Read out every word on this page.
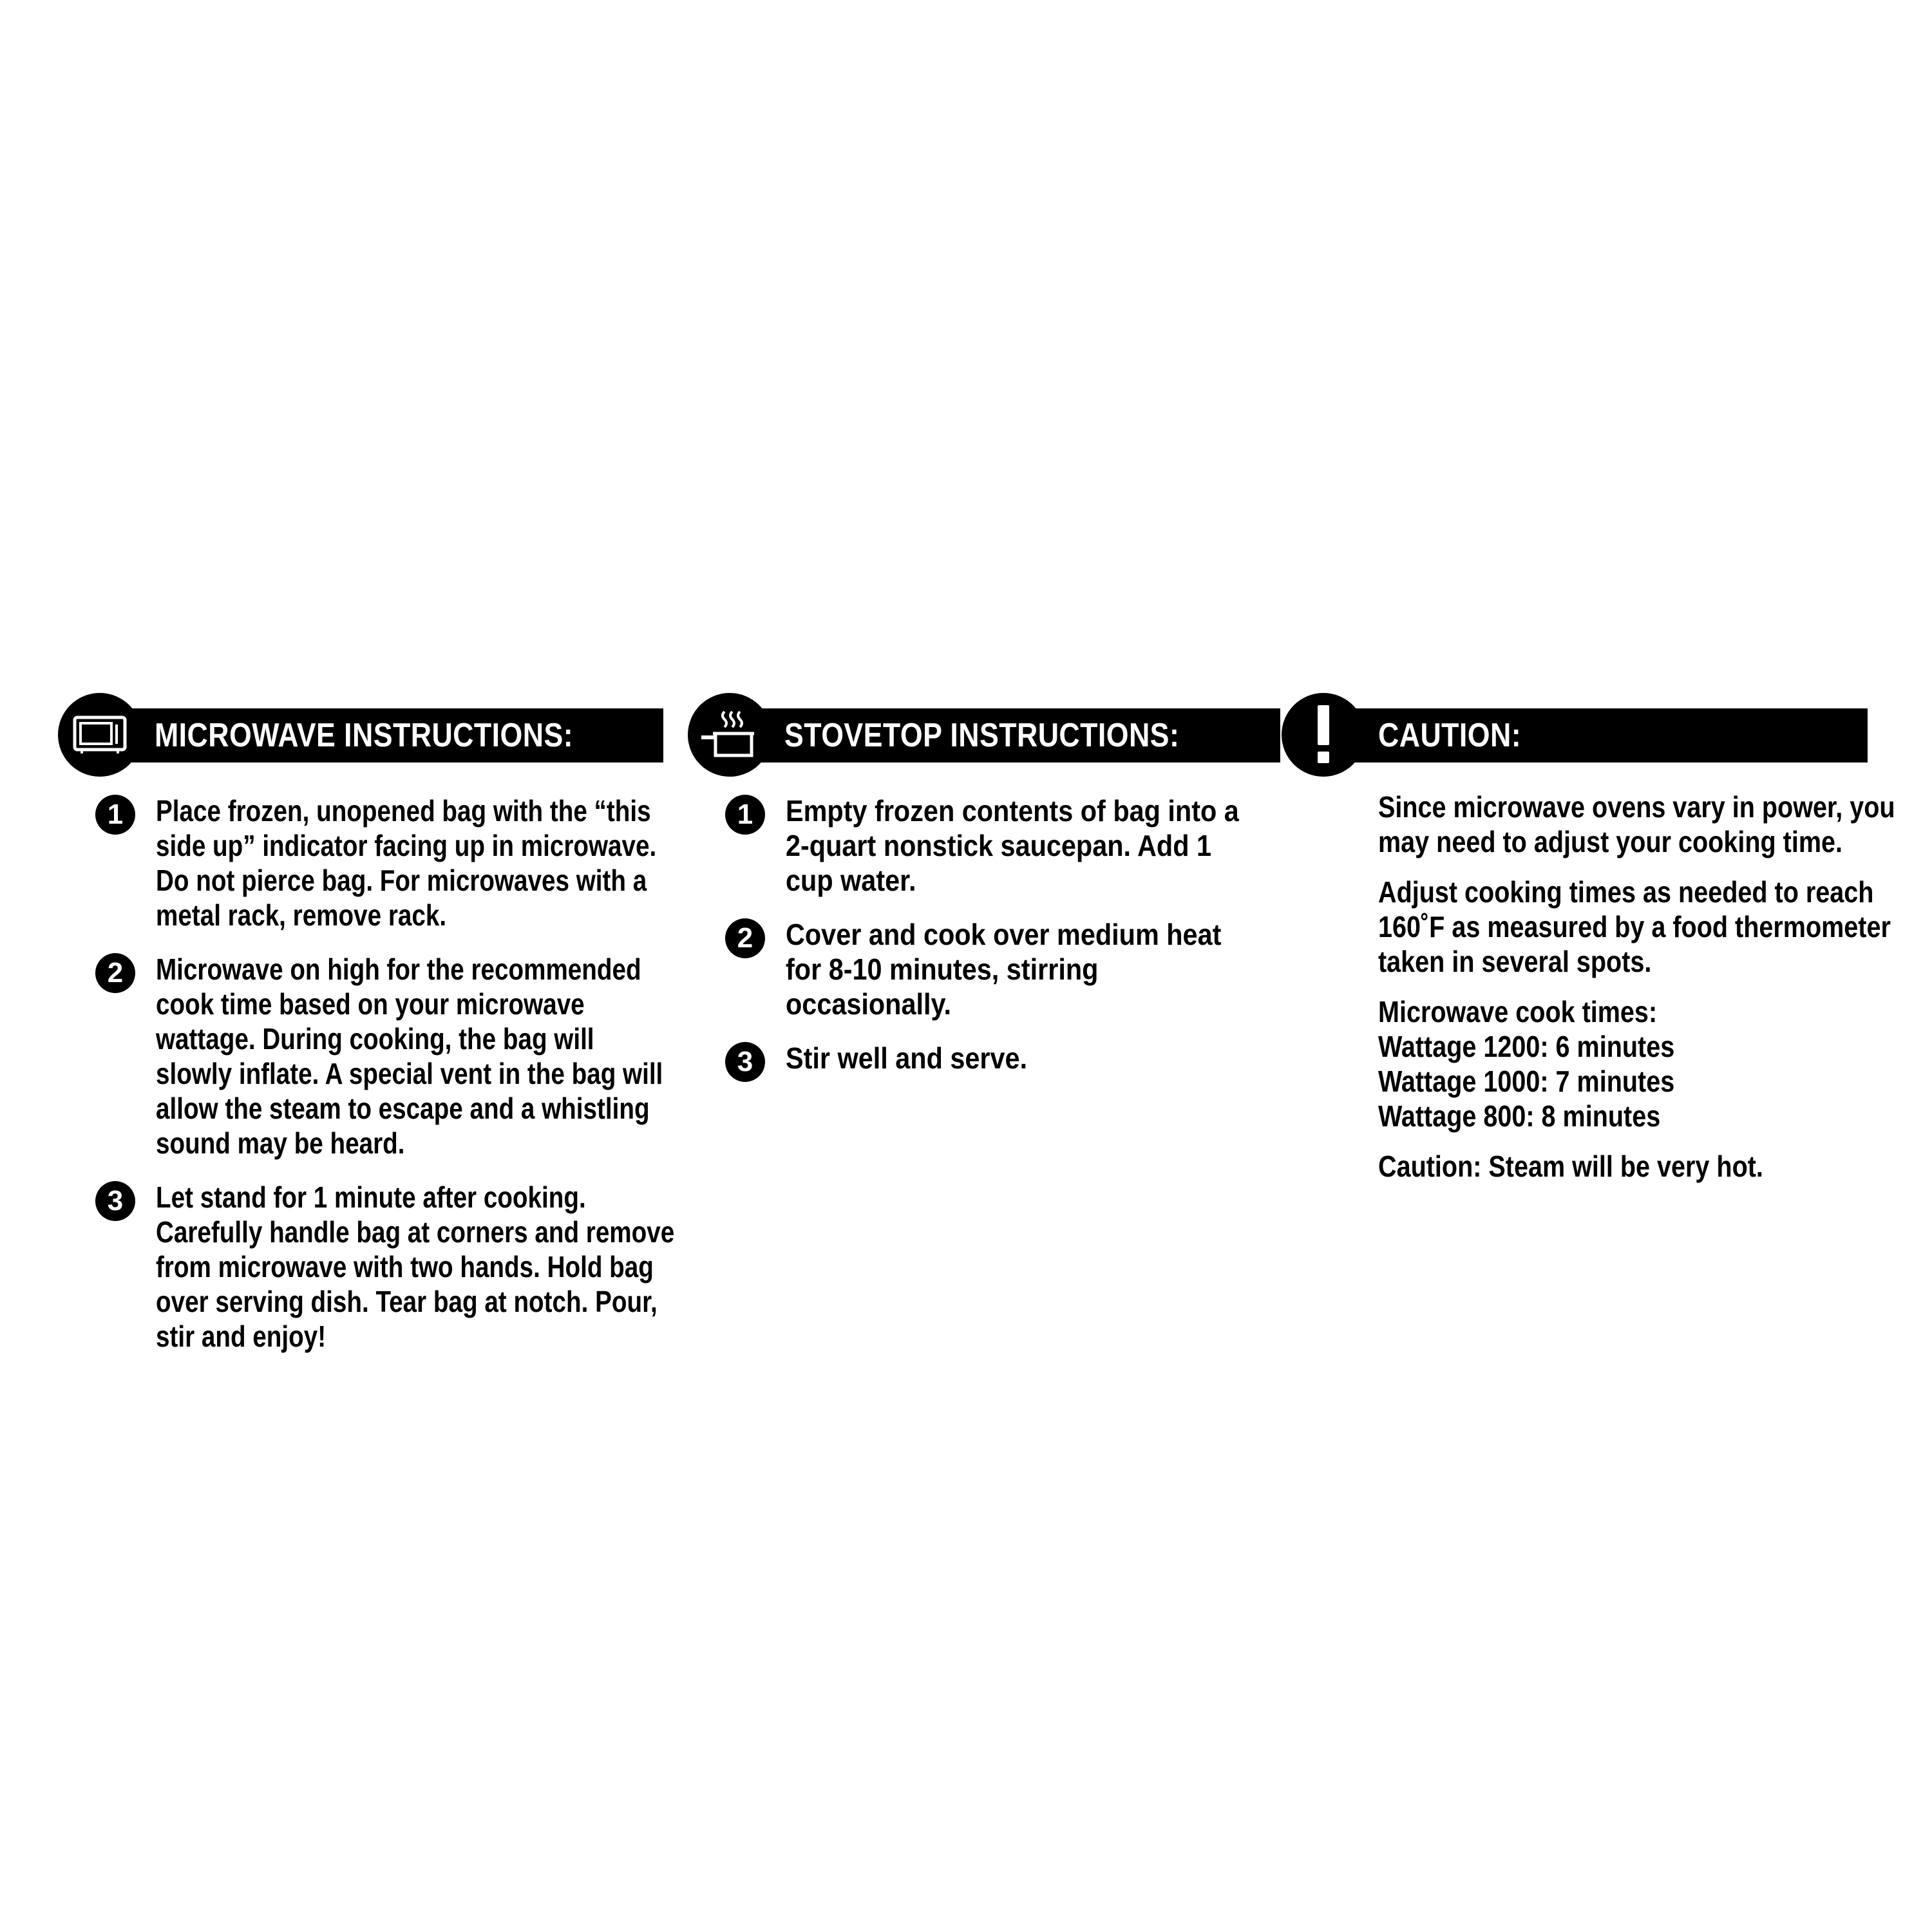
MICROWAVE INSTRUCTIONS:
1	Place frozen, unopened bag with the “this side up” indicator facing up in microwave. Do not pierce bag. For microwaves with a metal rack, remove rack.
2	Microwave on high for the recommended cook time based on your microwave wattage. During cooking, the bag will slowly inflate. A special vent in the bag will allow the steam to escape and a whistling sound may be heard.
3	Let stand for 1 minute after cooking. Carefully handle bag at corners and remove from microwave with two hands. Hold bag over serving dish. Tear bag at notch. Pour, stir and enjoy!
STOVETOP INSTRUCTIONS:
1	Empty frozen contents of bag into a 2-quart nonstick saucepan. Add 1 cup water.
2	Cover and cook over medium heat for 8-10 minutes, stirring occasionally.
3	Stir well and serve.
CAUTION:

Since microwave ovens vary in power, you may need to adjust your cooking time.

Adjust cooking times as needed to reach 160˚F as measured by a food thermometer taken in several spots.

Microwave cook times:
Wattage 1200: 6 minutes
Wattage 1000: 7 minutes
Wattage 800: 8 minutes

Caution: Steam will be very hot.
